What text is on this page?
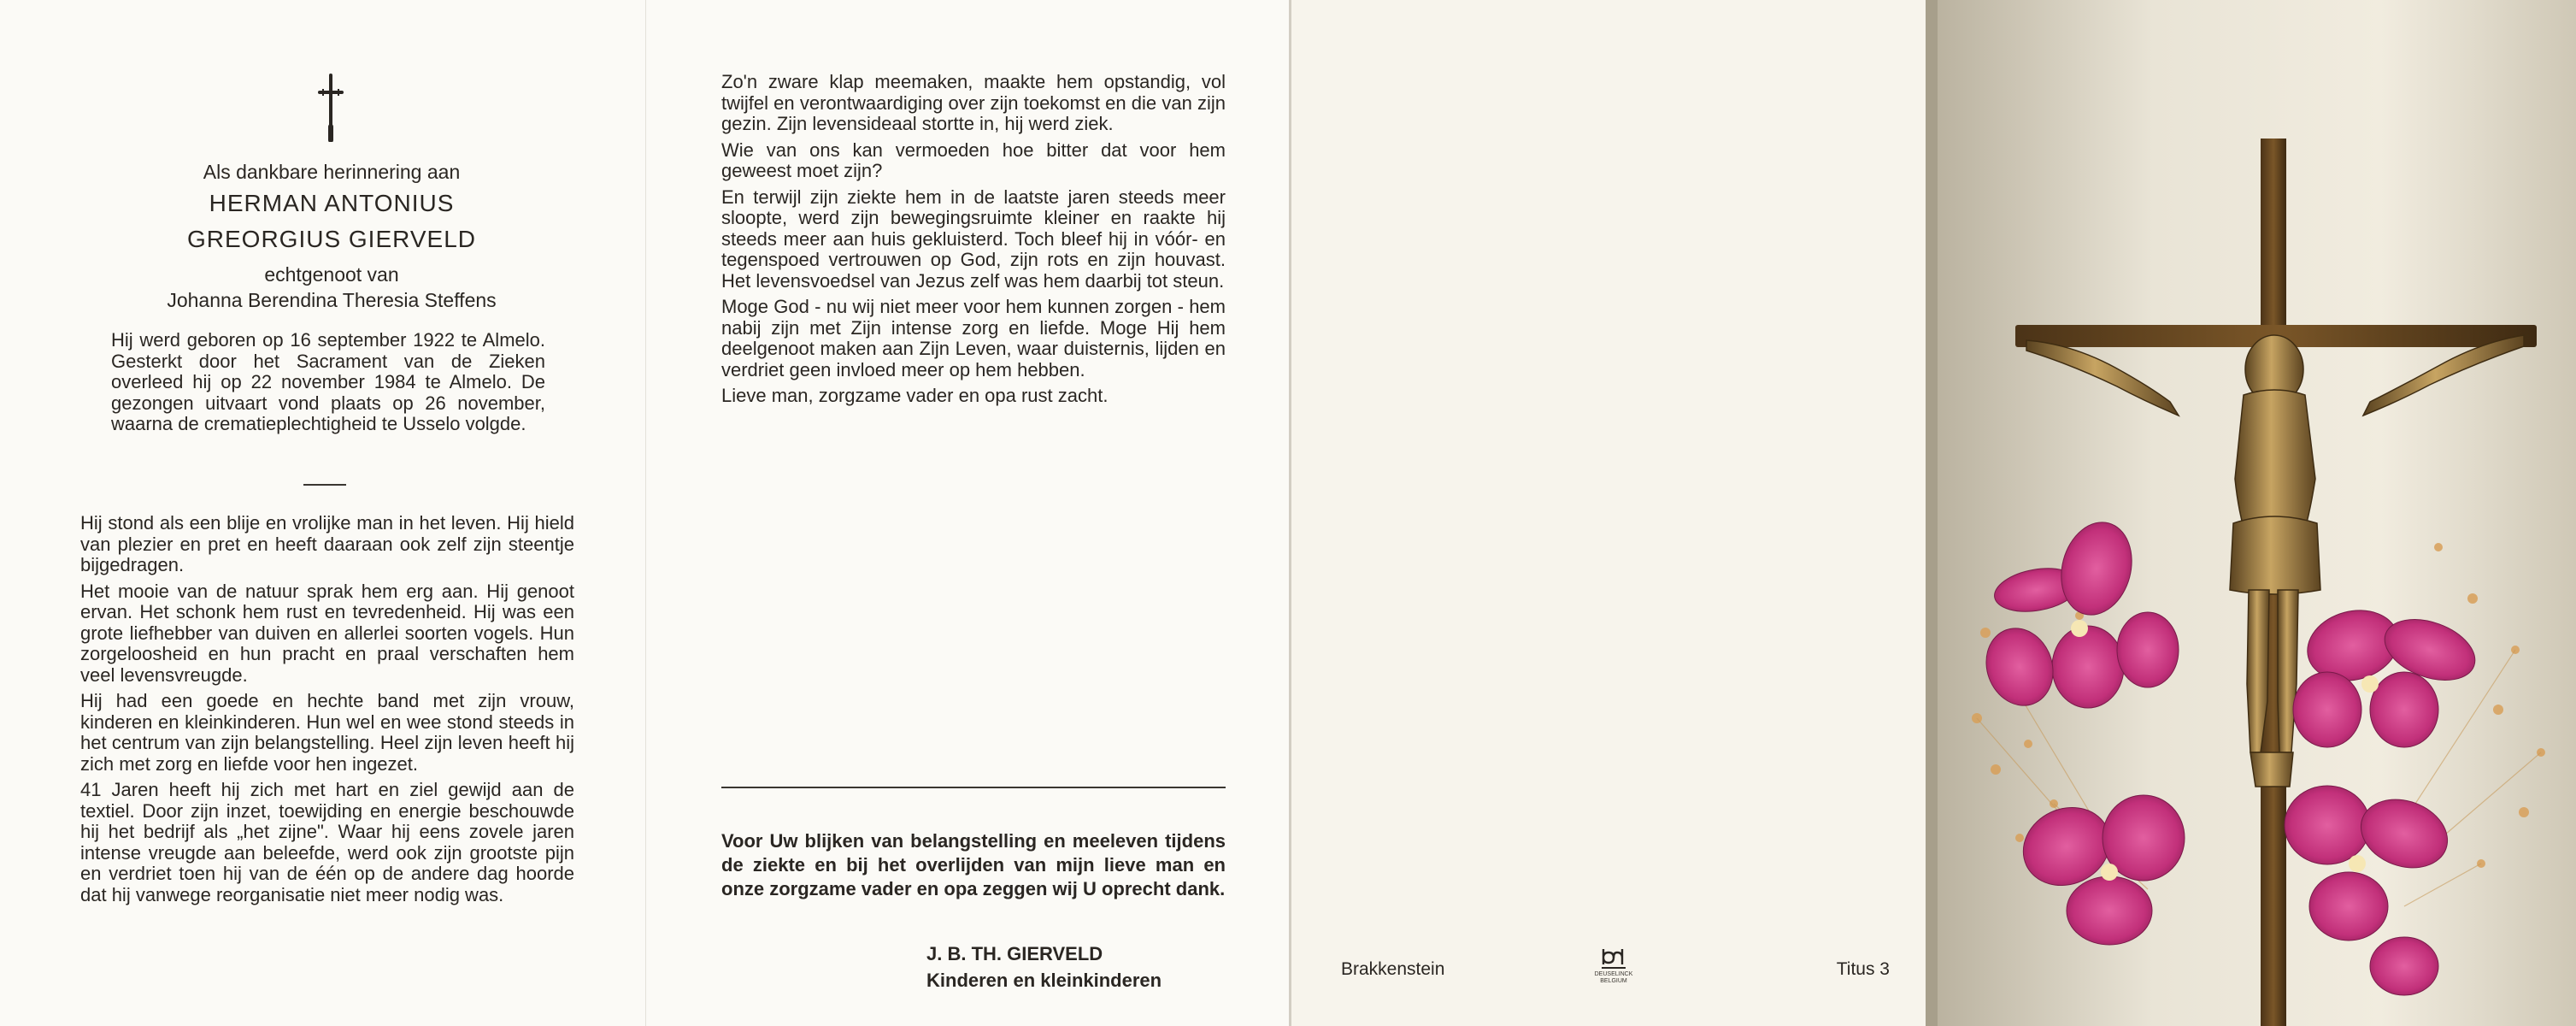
Als dankbare herinnering aan
HERMAN ANTONIUS
GREORGIUS GIERVELD
echtgenoot van
Johanna Berendina Theresia Steffens
Hij werd geboren op 16 september 1922 te Almelo. Gesterkt door het Sacrament van de Zieken overleed hij op 22 november 1984 te Almelo. De gezongen uitvaart vond plaats op 26 november, waarna de crematieplechtigheid te Usselo volgde.

Hij stond als een blije en vrolijke man in het leven. Hij hield van plezier en pret en heeft daaraan ook zelf zijn steentje bijgedragen.

Het mooie van de natuur sprak hem erg aan. Hij genoot ervan. Het schonk hem rust en tevredenheid. Hij was een grote liefhebber van duiven en allerlei soorten vogels. Hun zorgeloosheid en hun pracht en praal verschaften hem veel levensvreugde.

Hij had een goede en hechte band met zijn vrouw, kinderen en kleinkinderen. Hun wel en wee stond steeds in het centrum van zijn belangstelling. Heel zijn leven heeft hij zich met zorg en liefde voor hen ingezet.

41 Jaren heeft hij zich met hart en ziel gewijd aan de textiel. Door zijn inzet, toewijding en energie beschouwde hij het bedrijf als „het zijne". Waar hij eens zovele jaren intense vreugde aan beleefde, werd ook zijn grootste pijn en verdriet toen hij van de één op de andere dag hoorde dat hij vanwege reorganisatie niet meer nodig was.

Zo'n zware klap meemaken, maakte hem opstandig, vol twijfel en verontwaardiging over zijn toekomst en die van zijn gezin. Zijn levensideaal stortte in, hij werd ziek.

Wie van ons kan vermoeden hoe bitter dat voor hem geweest moet zijn?

En terwijl zijn ziekte hem in de laatste jaren steeds meer sloopte, werd zijn bewegingsruimte kleiner en raakte hij steeds meer aan huis gekluisterd. Toch bleef hij in vóór- en tegenspoed vertrouwen op God, zijn rots en zijn houvast. Het levensvoedsel van Jezus zelf was hem daarbij tot steun.

Moge God - nu wij niet meer voor hem kunnen zorgen - hem nabij zijn met Zijn intense zorg en liefde. Moge Hij hem deelgenoot maken aan Zijn Leven, waar duisternis, lijden en verdriet geen invloed meer op hem hebben.

Lieve man, zorgzame vader en opa rust zacht.

Voor Uw blijken van belangstelling en meeleven tijdens de ziekte en bij het overlijden van mijn lieve man en onze zorgzame vader en opa zeggen wij U oprecht dank.
J. B. TH. GIERVELD
Kinderen en kleinkinderen
Brakkenstein	DEUSELINCK BELGIUM
Titus 3
